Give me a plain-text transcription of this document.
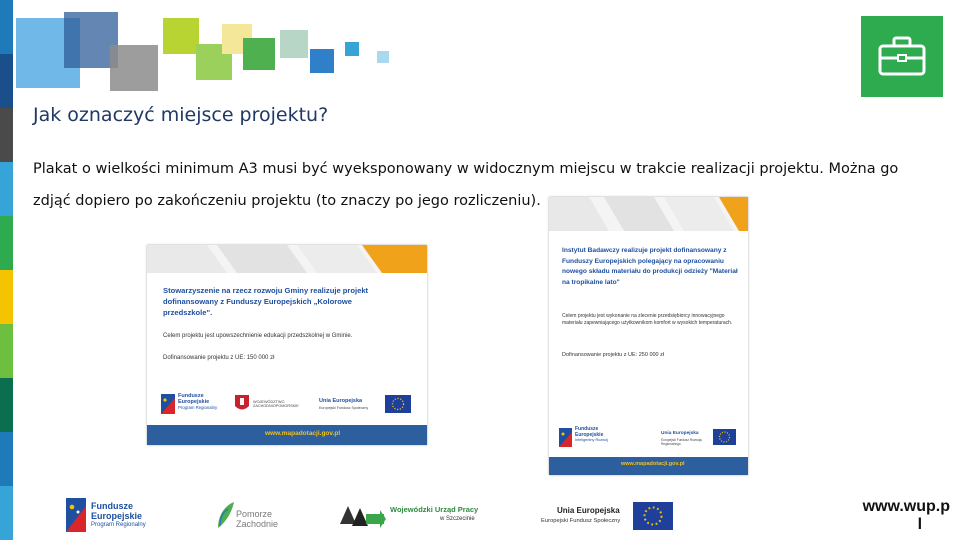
Jak oznaczyć miejsce projektu?
Plakat o wielkości minimum A3 musi być wyeksponowany w widocznym miejscu w trakcie realizacji projektu. Można go zdjąć dopiero po zakończeniu projektu (to znaczy po jego rozliczeniu).
Stowarzyszenie na rzecz rozwoju Gminy realizuje projekt dofinansowany z Funduszy Europejskich „Kolorowe przedszkole".
Celem projektu jest upowszechnienie edukacji przedszkolnej w Gminie.
Dofinansowanie projektu z UE: 150 000 zł
Fundusze
Europejskie
Program Regionalny
WOJEWÓDZTWO ZACHODNIOPOMORSKIE
Unia Europejska
Europejski Fundusz Społeczny
www.mapadotacji.gov.pl
Instytut Badawczy realizuje projekt dofinansowany z Funduszy Europejskich polegający na opracowaniu nowego składu materiału do produkcji odzieży "Materiał na tropikalne lato"
Celem projektu jest wykonanie na zlecenie przedsiębiorcy innowacyjnego materiału zapewniającego użytkownikom komfort w wysokich temperaturach.
Dofinansowanie projektu z UE: 250 000 zł
Fundusze
Europejskie
Inteligentny Rozwój
Unia Europejska
Europejski Fundusz Rozwoju Regionalnego
www.mapadotacji.gov.pl
Fundusze
Europejskie
Program Regionalny
Pomorze
Zachodnie
Wojewódzki Urząd Pracy
w Szczecinie
Unia Europejska
Europejski Fundusz Społeczny
www.wup.p
l
